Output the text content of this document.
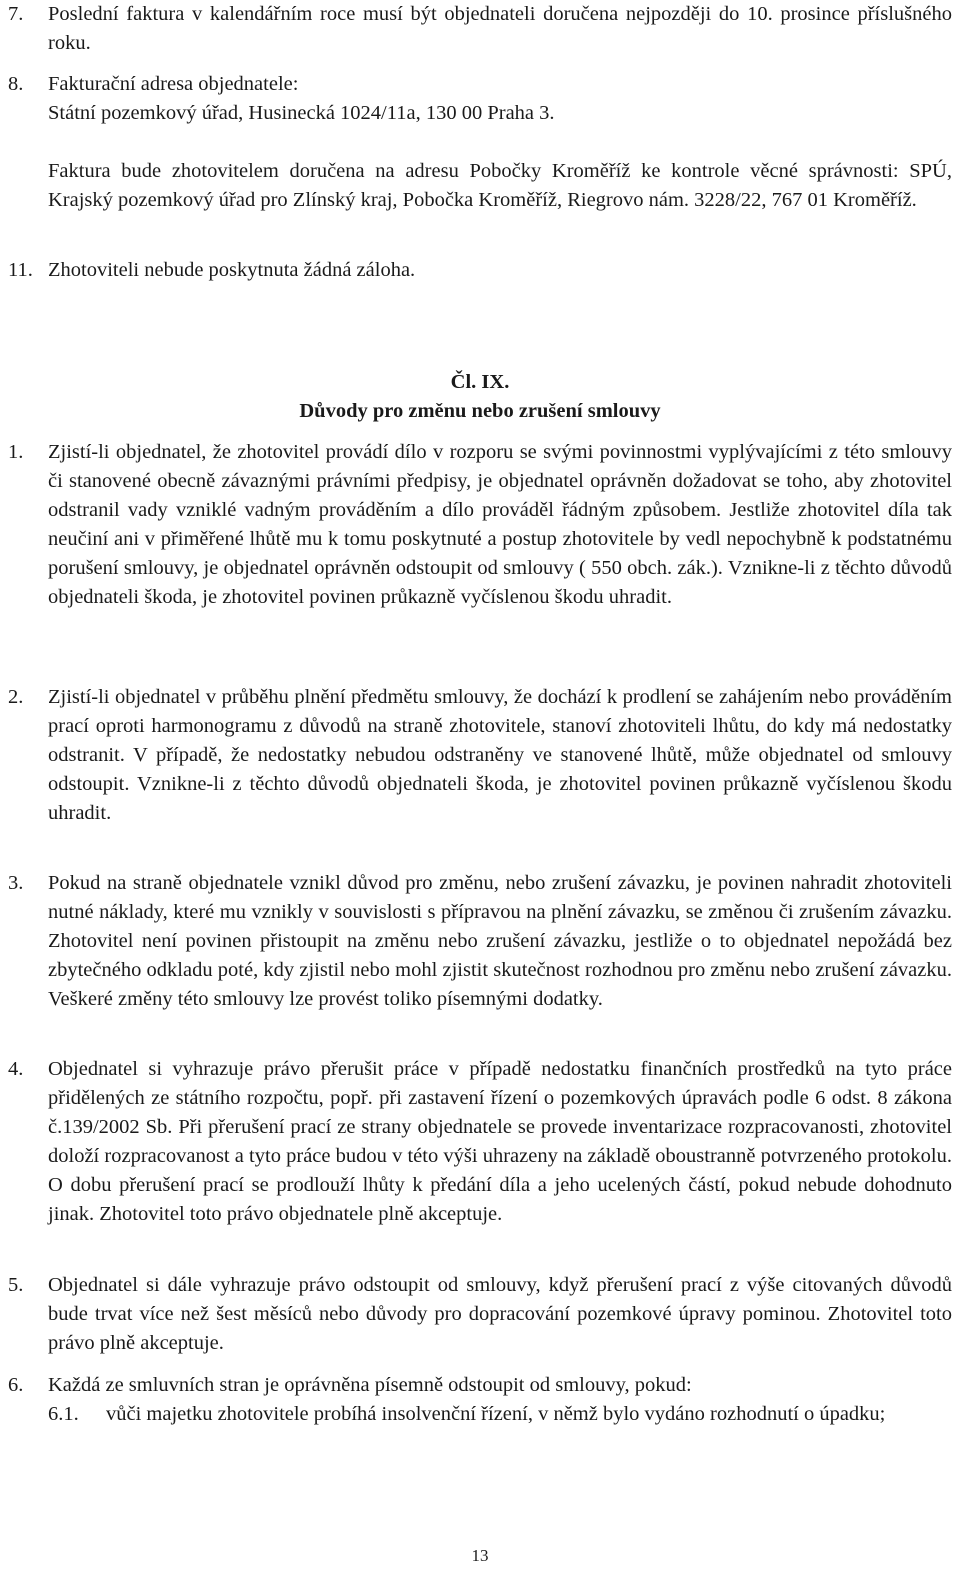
7. Poslední faktura v kalendářním roce musí být objednateli doručena nejpozději do 10. prosince příslušného roku.
8. Fakturační adresa objednatele:
Státní pozemkový úřad, Husinecká 1024/11a, 130 00 Praha 3.
Faktura bude zhotovitelem doručena na adresu Pobočky Kroměříž ke kontrole věcné správnosti: SPÚ, Krajský pozemkový úřad pro Zlínský kraj, Pobočka Kroměříž, Riegrovo nám. 3228/22, 767 01 Kroměříž.
11. Zhotoviteli nebude poskytnuta žádná záloha.
Čl. IX.
Důvody pro změnu nebo zrušení smlouvy
1. Zjistí-li objednatel, že zhotovitel provádí dílo v rozporu se svými povinnostmi vyplývajícími z této smlouvy či stanovené obecně závaznými právními předpisy, je objednatel oprávněn dožadovat se toho, aby zhotovitel odstranil vady vzniklé vadným prováděním a dílo prováděl řádným způsobem. Jestliže zhotovitel díla tak neučiní ani v přiměřené lhůtě mu k tomu poskytnuté a postup zhotovitele by vedl nepochybně k podstatnému porušení smlouvy, je objednatel oprávněn odstoupit od smlouvy ( 550 obch. zák.). Vznikne-li z těchto důvodů objednateli škoda, je zhotovitel povinen průkazně vyčíslenou škodu uhradit.
2. Zjistí-li objednatel v průběhu plnění předmětu smlouvy, že dochází k prodlení se zahájením nebo prováděním prací oproti harmonogramu z důvodů na straně zhotovitele, stanoví zhotoviteli lhůtu, do kdy má nedostatky odstranit. V případě, že nedostatky nebudou odstraněny ve stanovené lhůtě, může objednatel od smlouvy odstoupit. Vznikne-li z těchto důvodů objednateli škoda, je zhotovitel povinen průkazně vyčíslenou škodu uhradit.
3. Pokud na straně objednatele vznikl důvod pro změnu, nebo zrušení závazku, je povinen nahradit zhotoviteli nutné náklady, které mu vznikly v souvislosti s přípravou na plnění závazku, se změnou či zrušením závazku. Zhotovitel není povinen přistoupit na změnu nebo zrušení závazku, jestliže o to objednatel nepožádá bez zbytečného odkladu poté, kdy zjistil nebo mohl zjistit skutečnost rozhodnou pro změnu nebo zrušení závazku. Veškeré změny této smlouvy lze provést toliko písemnými dodatky.
4. Objednatel si vyhrazuje právo přerušit práce v případě nedostatku finančních prostředků na tyto práce přidělených ze státního rozpočtu, popř. při zastavení řízení o pozemkových úpravách podle 6 odst. 8 zákona č.139/2002 Sb. Při přerušení prací ze strany objednatele se provede inventarizace rozpracovanosti, zhotovitel doloží rozpracovanost a tyto práce budou v této výši uhrazeny na základě oboustranně potvrzeného protokolu. O dobu přerušení prací se prodlouží lhůty k předání díla a jeho ucelených částí, pokud nebude dohodnuto jinak. Zhotovitel toto právo objednatele plně akceptuje.
5. Objednatel si dále vyhrazuje právo odstoupit od smlouvy, když přerušení prací z výše citovaných důvodů bude trvat více než šest měsíců nebo důvody pro dopracování pozemkové úpravy pominou. Zhotovitel toto právo plně akceptuje.
6. Každá ze smluvních stran je oprávněna písemně odstoupit od smlouvy, pokud:
6.1. vůči majetku zhotovitele probíhá insolvenční řízení, v němž bylo vydáno rozhodnutí o úpadku;
13
